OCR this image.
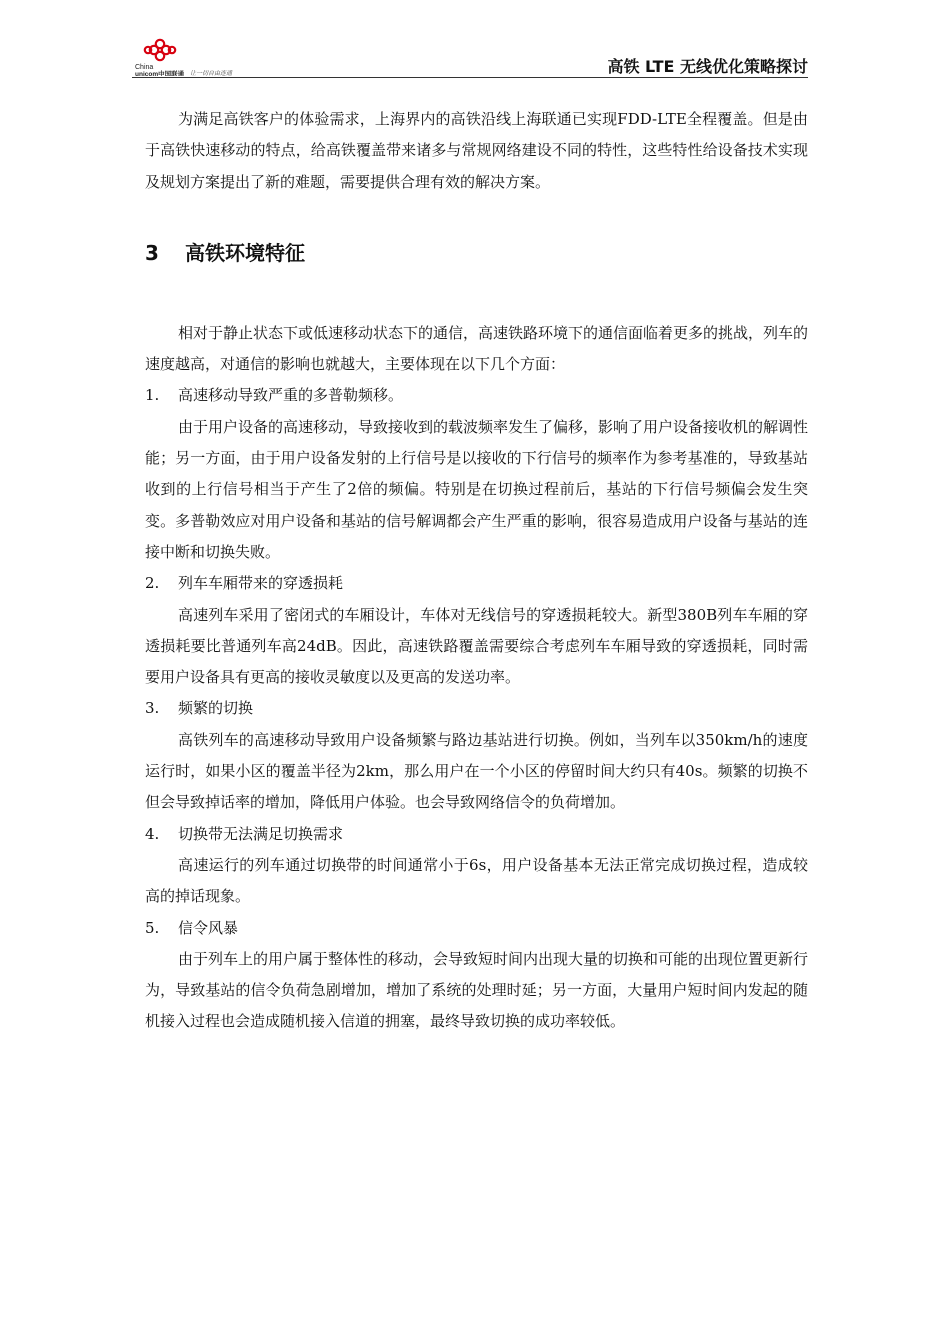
China
unicom中国联通 让一切自由连通	高铁 LTE 无线优化策略探讨

为满足高铁客户的体验需求，上海界内的高铁沿线上海联通已实现FDD-LTE全程覆盖。但是由于高铁快速移动的特点，给高铁覆盖带来诸多与常规网络建设不同的特性，这些特性给设备技术实现及规划方案提出了新的难题，需要提供合理有效的解决方案。

3 高铁环境特征

相对于静止状态下或低速移动状态下的通信，高速铁路环境下的通信面临着更多的挑战，列车的速度越高，对通信的影响也就越大，主要体现在以下几个方面：

1. 高速移动导致严重的多普勒频移。

由于用户设备的高速移动，导致接收到的载波频率发生了偏移，影响了用户设备接收机的解调性能；另一方面，由于用户设备发射的上行信号是以接收的下行信号的频率作为参考基准的，导致基站收到的上行信号相当于产生了2倍的频偏。特别是在切换过程前后，基站的下行信号频偏会发生突变。多普勒效应对用户设备和基站的信号解调都会产生严重的影响，很容易造成用户设备与基站的连接中断和切换失败。

2. 列车车厢带来的穿透损耗

高速列车采用了密闭式的车厢设计，车体对无线信号的穿透损耗较大。新型380B列车车厢的穿透损耗要比普通列车高24dB。因此，高速铁路覆盖需要综合考虑列车车厢导致的穿透损耗，同时需要用户设备具有更高的接收灵敏度以及更高的发送功率。

3. 频繁的切换

高铁列车的高速移动导致用户设备频繁与路边基站进行切换。例如，当列车以350km/h的速度运行时，如果小区的覆盖半径为2km，那么用户在一个小区的停留时间大约只有40s。频繁的切换不但会导致掉话率的增加，降低用户体验。也会导致网络信令的负荷增加。

4. 切换带无法满足切换需求

高速运行的列车通过切换带的时间通常小于6s，用户设备基本无法正常完成切换过程，造成较高的掉话现象。

5. 信令风暴

由于列车上的用户属于整体性的移动，会导致短时间内出现大量的切换和可能的出现位置更新行为，导致基站的信令负荷急剧增加，增加了系统的处理时延；另一方面，大量用户短时间内发起的随机接入过程也会造成随机接入信道的拥塞，最终导致切换的成功率较低。
